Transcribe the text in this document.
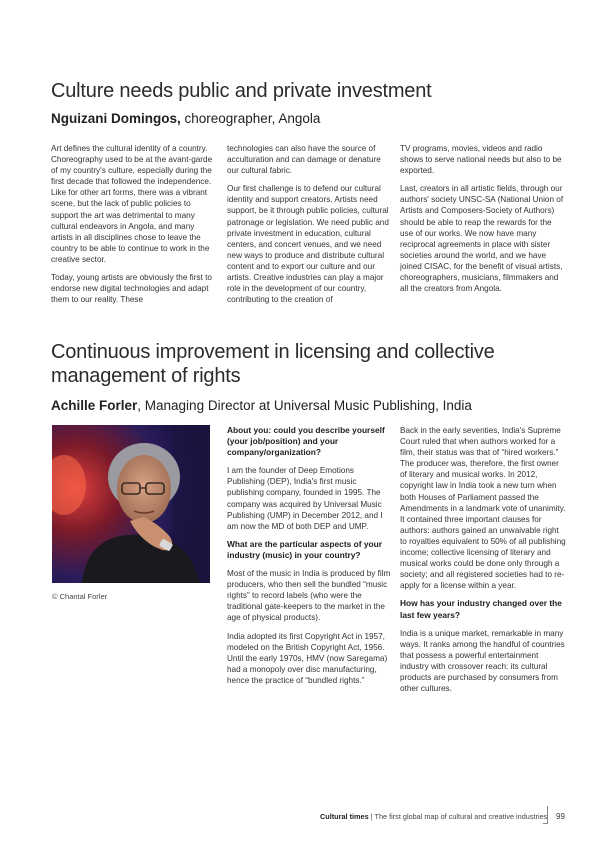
Culture needs public and private investment
Nguizani Domingos, choreographer, Angola

Art defines the cultural identity of a country. Choreography used to be at the avant-garde of my country's culture, especially during the first decade that followed the independence. Like for other art forms, there was a vibrant scene, but the lack of public policies to support the art was detrimental to many cultural endeavors in Angola, and many artists in all disciplines chose to leave the country to be able to continue to work in the creative sector.

Today, young artists are obviously the first to endorse new digital technologies and adapt them to our reality. These

technologies can also have the source of acculturation and can damage or denature our cultural fabric.

Our first challenge is to defend our cultural identity and support creators. Artists need support, be it through public policies, cultural patronage or legislation. We need public and private investment in education, cultural centers, and concert venues, and we need new ways to produce and distribute cultural content and to export our culture and our artists. Creative industries can play a major role in the development of our country, contributing to the creation of

TV programs, movies, videos and radio shows to serve national needs but also to be exported.

Last, creators in all artistic fields, through our authors' society UNSC-SA (National Union of Artists and Composers-Society of Authors) should be able to reap the rewards for the use of our works. We now have many reciprocal agreements in place with sister societies around the world, and we have joined CISAC, for the benefit of visual artists, choreographers, musicians, filmmakers and all the creators from Angola.

Continuous improvement in licensing and collective management of rights
Achille Forler, Managing Director at Universal Music Publishing, India
© Chantal Forler
About you: could you describe yourself (your job/position) and your company/organization?

I am the founder of Deep Emotions Publishing (DEP), India's first music publishing company, founded in 1995. The company was acquired by Universal Music Publishing (UMP) in December 2012, and I am now the MD of both DEP and UMP.

What are the particular aspects of your industry (music) in your country?

Most of the music in India is produced by film producers, who then sell the bundled “music rights” to record labels (who were the traditional gate-keepers to the market in the age of physical products).

India adopted its first Copyright Act in 1957, modeled on the British Copyright Act, 1956. Until the early 1970s, HMV (now Saregama) had a monopoly over disc manufacturing, hence the practice of “bundled rights.”

Back in the early seventies, India's Supreme Court ruled that when authors worked for a film, their status was that of “hired workers.” The producer was, therefore, the first owner of literary and musical works. In 2012, copyright law in India took a new turn when both Houses of Parliament passed the Amendments in a landmark vote of unanimity. It contained three important clauses for authors: authors gained an unwaivable right to royalties equivalent to 50% of all publishing income; collective licensing of literary and musical works could be done only through a society; and all registered societies had to re-apply for a license within a year.

How has your industry changed over the last few years?

India is a unique market, remarkable in many ways. It ranks among the handful of countries that possess a powerful entertainment industry with crossover reach: its cultural products are purchased by consumers from other cultures.

Cultural times | The first global map of cultural and creative industries 99
